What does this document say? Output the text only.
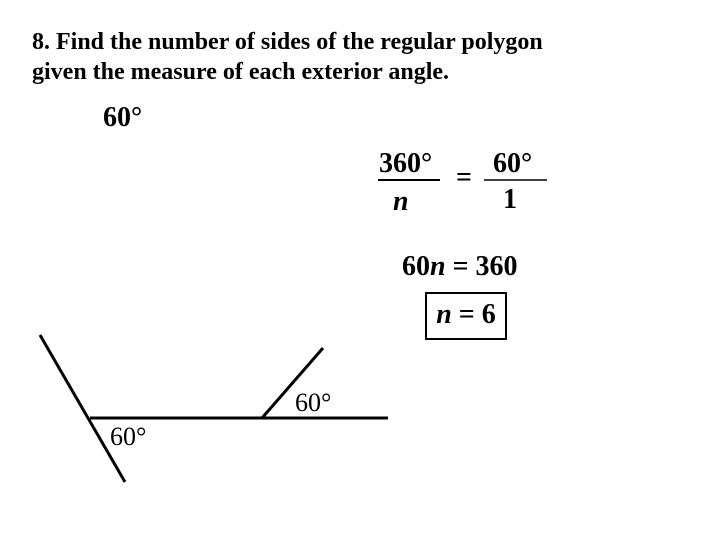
8. Find the number of sides of the regular polygon
given the measure of each exterior angle.
60°
360°
n
= 60°
1
60n = 360
n = 6
60°
60°
